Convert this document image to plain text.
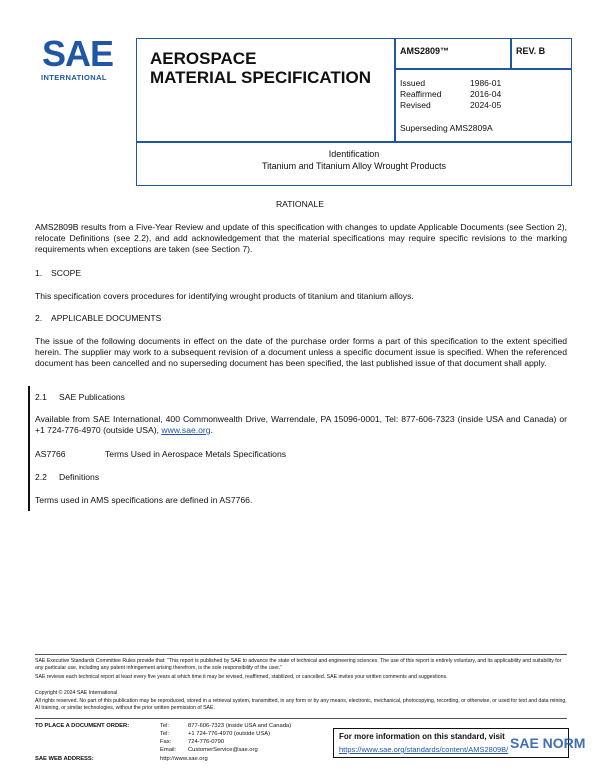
SAE
INTERNATIONAL
AEROSPACE
MATERIAL SPECIFICATION
AMS2809™	REV. B
Issued	1986-01
Reaffirmed	2016-04
Revised	2024-05
Superseding AMS2809A
Identification
Titanium and Titanium Alloy Wrought Products
RATIONALE
AMS2809B results from a Five-Year Review and update of this specification with changes to update Applicable Documents (see Section 2), relocate Definitions (see 2.2), and add acknowledgement that the material specifications may require specific revisions to the marking requirements when exceptions are taken (see Section 7).
1. SCOPE
This specification covers procedures for identifying wrought products of titanium and titanium alloys.
2. APPLICABLE DOCUMENTS
The issue of the following documents in effect on the date of the purchase order forms a part of this specification to the extent specified herein. The supplier may work to a subsequent revision of a document unless a specific document issue is specified. When the referenced document has been cancelled and no superseding document has been specified, the last published issue of that document shall apply.
2.1 SAE Publications
Available from SAE International, 400 Commonwealth Drive, Warrendale, PA 15096-0001, Tel: 877-606-7323 (inside USA and Canada) or +1 724-776-4970 (outside USA), www.sae.org.
AS7766	Terms Used in Aerospace Metals Specifications
2.2 Definitions
Terms used in AMS specifications are defined in AS7766.
SAE Executive Standards Committee Rules provide that: “This report is published by SAE to advance the state of technical and engineering sciences. The use of this report is entirely voluntary, and its applicability and suitability for any particular use, including any patent infringement arising therefrom, is the sole responsibility of the user.”
SAE reviews each technical report at least every five years at which time it may be revised, reaffirmed, stabilized, or cancelled. SAE invites your written comments and suggestions.
Copyright © 2024 SAE International
All rights reserved. No part of this publication may be reproduced, stored in a retrieval system, transmitted, in any form or by any means, electronic, mechanical, photocopying, recording, or otherwise, or used for text and data mining, AI training, or similar technologies, without the prior written permission of SAE.
TO PLACE A DOCUMENT ORDER:	Tel:	877-606-7323 (inside USA and Canada)
Tel:	+1 724-776-4970 (outside USA)
Fax:	724-776-0790
Email: CustomerService@sae.org
SAE WEB ADDRESS:	http://www.sae.org
For more information on this standard, visit
https://www.sae.org/standards/content/AMS2809B/ SAE NORM
